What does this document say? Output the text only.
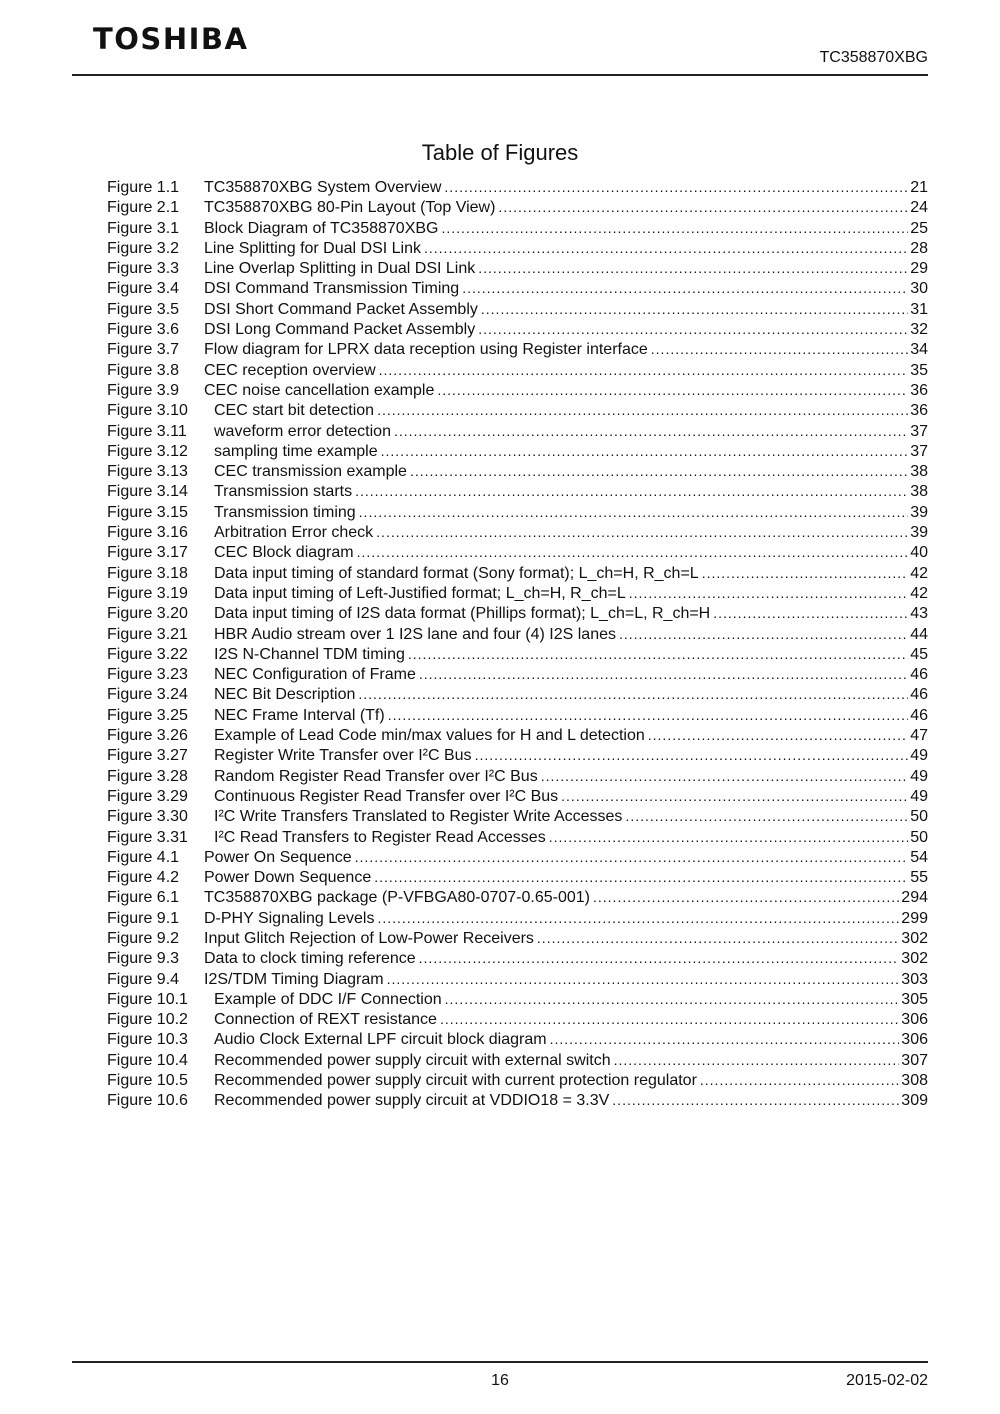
TOSHIBA
TC358870XBG
Table of Figures
Figure 1.1	TC358870XBG System Overview .....	21
Figure 2.1	TC358870XBG 80-Pin Layout (Top View) .....	24
Figure 3.1	Block Diagram of TC358870XBG .....	25
Figure 3.2	Line Splitting for Dual DSI Link .....	28
Figure 3.3	Line Overlap Splitting in Dual DSI Link .....	29
Figure 3.4	DSI Command Transmission Timing .....	30
Figure 3.5	DSI Short Command Packet Assembly .....	31
Figure 3.6	DSI Long Command Packet Assembly .....	32
Figure 3.7	Flow diagram for LPRX data reception using Register interface .....	34
Figure 3.8	CEC reception overview .....	35
Figure 3.9	CEC noise cancellation example .....	36
Figure 3.10	CEC start bit detection .....	36
Figure 3.11	waveform error detection .....	37
Figure 3.12	sampling time example .....	37
Figure 3.13	CEC transmission example .....	38
Figure 3.14	Transmission starts .....	38
Figure 3.15	Transmission timing .....	39
Figure 3.16	Arbitration Error check .....	39
Figure 3.17	CEC Block diagram .....	40
Figure 3.18	Data input timing of standard format (Sony format); L_ch=H, R_ch=L .....	42
Figure 3.19	Data input timing of Left-Justified format; L_ch=H, R_ch=L .....	42
Figure 3.20	Data input timing of I2S data format (Phillips format); L_ch=L, R_ch=H .....	43
Figure 3.21	HBR Audio stream over 1 I2S lane and four (4) I2S lanes .....	44
Figure 3.22	I2S N-Channel TDM timing .....	45
Figure 3.23	NEC Configuration of Frame .....	46
Figure 3.24	NEC Bit Description .....	46
Figure 3.25	NEC Frame Interval (Tf) .....	46
Figure 3.26	Example of Lead Code min/max values for H and L detection .....	47
Figure 3.27	Register Write Transfer over I²C Bus .....	49
Figure 3.28	Random Register Read Transfer over I²C Bus .....	49
Figure 3.29	Continuous Register Read Transfer over I²C Bus .....	49
Figure 3.30	I²C Write Transfers Translated to Register Write Accesses .....	50
Figure 3.31	I²C Read Transfers to Register Read Accesses .....	50
Figure 4.1	Power On Sequence .....	54
Figure 4.2	Power Down Sequence .....	55
Figure 6.1	TC358870XBG package (P-VFBGA80-0707-0.65-001) .....	294
Figure 9.1	D-PHY Signaling Levels .....	299
Figure 9.2	Input Glitch Rejection of Low-Power Receivers .....	302
Figure 9.3	Data to clock timing reference .....	302
Figure 9.4	I2S/TDM Timing Diagram .....	303
Figure 10.1	Example of DDC I/F Connection .....	305
Figure 10.2	Connection of REXT resistance .....	306
Figure 10.3	Audio Clock External LPF circuit block diagram .....	306
Figure 10.4	Recommended power supply circuit with external switch .....	307
Figure 10.5	Recommended power supply circuit with current protection regulator .....	308
Figure 10.6	Recommended power supply circuit at VDDIO18 = 3.3V .....	309
16	2015-02-02
